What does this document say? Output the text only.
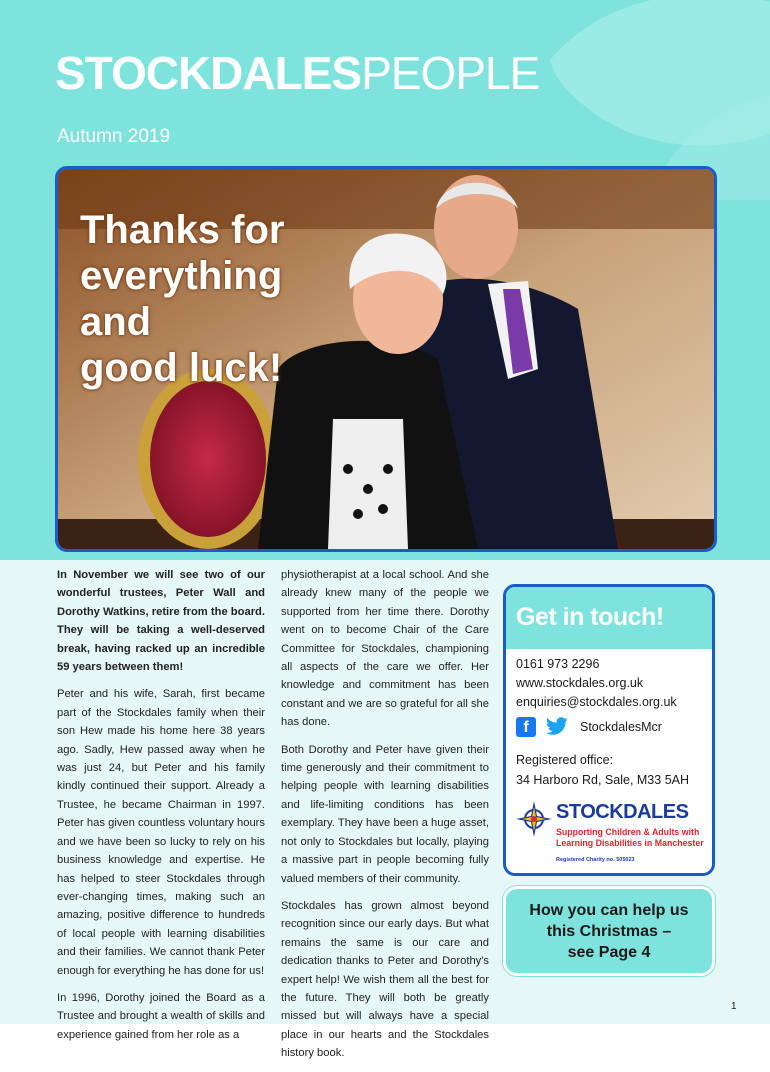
STOCKDALESPEOPLE
Autumn 2019
Thanks for
everything
and
good luck!

In November we will see two of our wonderful trustees, Peter Wall and Dorothy Watkins, retire from the board. They will be taking a well-deserved break, having racked up an incredible 59 years between them!

Peter and his wife, Sarah, first became part of the Stockdales family when their son Hew made his home here 38 years ago. Sadly, Hew passed away when he was just 24, but Peter and his family kindly continued their support. Already a Trustee, he became Chairman in 1997. Peter has given countless voluntary hours and we have been so lucky to rely on his business knowledge and expertise. He has helped to steer Stockdales through ever-changing times, making such an amazing, positive difference to hundreds of local people with learning disabilities and their families. We cannot thank Peter enough for everything he has done for us!

In 1996, Dorothy joined the Board as a Trustee and brought a wealth of skills and experience gained from her role as a

physiotherapist at a local school. And she already knew many of the people we supported from her time there. Dorothy went on to become Chair of the Care Committee for Stockdales, championing all aspects of the care we offer. Her knowledge and commitment has been constant and we are so grateful for all she has done.

Both Dorothy and Peter have given their time generously and their commitment to helping people with learning disabilities and life-limiting conditions has been exemplary. They have been a huge asset, not only to Stockdales but locally, playing a massive part in people becoming fully valued members of their community.

Stockdales has grown almost beyond recognition since our early days. But what remains the same is our care and dedication thanks to Peter and Dorothy's expert help! We wish them all the best for the future. They will both be greatly missed but will always have a special place in our hearts and the Stockdales history book.

Get in touch!
0161 973 2296
www.stockdales.org.uk
enquiries@stockdales.org.uk
f	StockdalesMcr
Registered office:
34 Harboro Rd, Sale, M33 5AH
STOCKDALES
Supporting Children & Adults with Learning Disabilities in Manchester
Registered Charity no. 505023
How you can help us
this Christmas –
see Page 4
1
